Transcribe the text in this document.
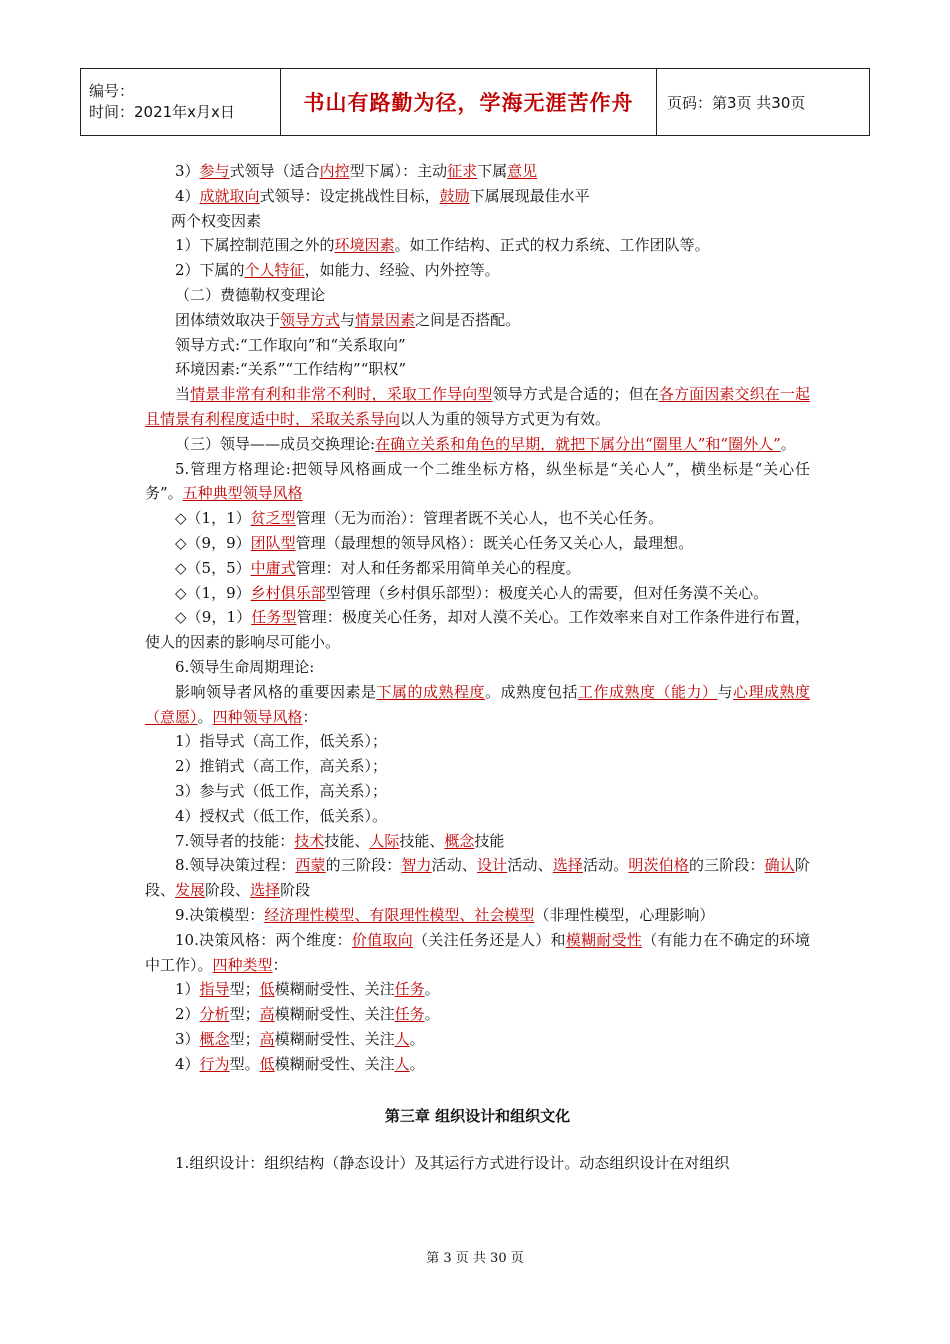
编号：
时间：2021年x月x日	书山有路勤为径，学海无涯苦作舟 页码：第3页 共30页

3）参与式领导（适合内控型下属）：主动征求下属意见

4）成就取向式领导：设定挑战性目标，鼓励下属展现最佳水平

两个权变因素

1）下属控制范围之外的环境因素。如工作结构、正式的权力系统、工作团队等。

2）下属的个人特征，如能力、经验、内外控等。

（二）费德勒权变理论

团体绩效取决于领导方式与情景因素之间是否搭配。

领导方式:“工作取向”和“关系取向”

环境因素:“关系”“工作结构”“职权”

当情景非常有利和非常不利时，采取工作导向型领导方式是合适的；但在各方面因素交织在一起且情景有利程度适中时，采取关系导向以人为重的领导方式更为有效。

（三）领导——成员交换理论:在确立关系和角色的早期，就把下属分出“圈里人”和“圈外人”。

5.管理方格理论:把领导风格画成一个二维坐标方格，纵坐标是“关心人”，横坐标是“关心任务”。五种典型领导风格

◇（1，1）贫乏型管理（无为而治）：管理者既不关心人，也不关心任务。

◇（9，9）团队型管理（最理想的领导风格）：既关心任务又关心人，最理想。

◇（5，5）中庸式管理：对人和任务都采用简单关心的程度。

◇（1，9）乡村俱乐部型管理（乡村俱乐部型）：极度关心人的需要，但对任务漠不关心。

◇（9，1）任务型管理：极度关心任务，却对人漠不关心。工作效率来自对工作条件进行布置，使人的因素的影响尽可能小。

6.领导生命周期理论:

影响领导者风格的重要因素是下属的成熟程度。成熟度包括工作成熟度（能力）与心理成熟度（意愿）。四种领导风格：

1）指导式（高工作，低关系）；

2）推销式（高工作，高关系）；

3）参与式（低工作，高关系）；

4）授权式（低工作，低关系）。

7.领导者的技能：技术技能、人际技能、概念技能

8.领导决策过程：西蒙的三阶段：智力活动、设计活动、选择活动。明茨伯格的三阶段：确认阶段、发展阶段、选择阶段

9.决策模型：经济理性模型、有限理性模型、社会模型（非理性模型，心理影响）

10.决策风格：两个维度：价值取向（关注任务还是人）和模糊耐受性（有能力在不确定的环境中工作）。四种类型：

1）指导型；低模糊耐受性、关注任务。

2）分析型；高模糊耐受性、关注任务。

3）概念型；高模糊耐受性、关注人。

4）行为型。低模糊耐受性、关注人。

第三章 组织设计和组织文化

1.组织设计：组织结构（静态设计）及其运行方式进行设计。动态组织设计在对组织

第 3 页 共 30 页
